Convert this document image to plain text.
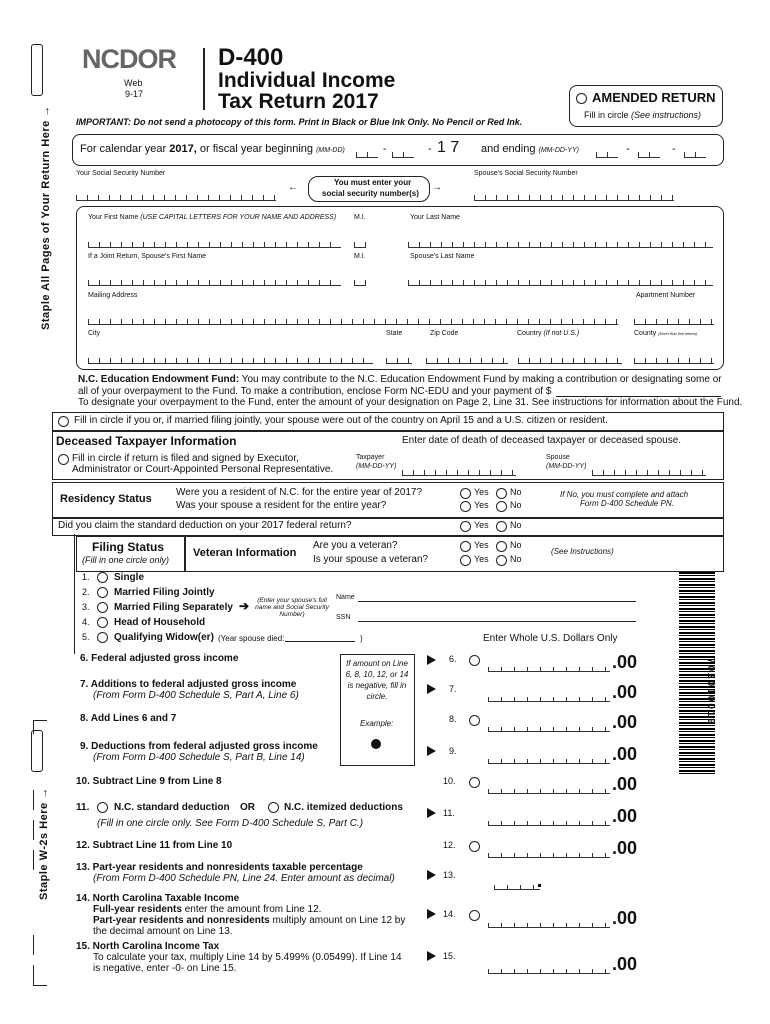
Staple All Pages of Your Return Here →
Staple W-2s Here →
NCDOR
Web
9-17
D-400
Individual Income
Tax Return 2017	AMENDED RETURN
Fill in circle (See instructions)
IMPORTANT: Do not send a photocopy of this form. Print in Black or Blue Ink Only. No Pencil or Red Ink.
For calendar year 2017, or fiscal year beginning (MM-DD)	-	- 1 7 and ending (MM-DD-YY)	-	-
Your Social Security Number	Spouse's Social Security Number
←	You must enter your
social security number(s)
→
Your First Name (USE CAPITAL LETTERS FOR YOUR NAME AND ADDRESS)	M.I.	Your Last Name
If a Joint Return, Spouse's First Name	M.I.	Spouse's Last Name
Mailing Address	Apartment Number
City	State	Zip Code	Country (If not U.S.)	County (Enter first five letters)
N.C. Education Endowment Fund: You may contribute to the N.C. Education Endowment Fund by making a contribution or designating some or
all of your overpayment to the Fund. To make a contribution, enclose Form NC-EDU and your payment of $
To designate your overpayment to the Fund, enter the amount of your designation on Page 2, Line 31. See instructions for information about the Fund.
Fill in circle if you or, if married filing jointly, your spouse were out of the country on April 15 and a U.S. citizen or resident.
Deceased Taxpayer Information	Enter date of death of deceased taxpayer or deceased spouse.
Fill in circle if return is filed and signed by Executor,
Administrator or Court-Appointed Personal Representative.
Taxpayer
(MM-DD-YY)
Spouse
(MM-DD-YY)
Residency Status
Were you a resident of N.C. for the entire year of 2017?
Was your spouse a resident for the entire year?
Yes No
Yes No
If No, you must complete and attach
Form D-400 Schedule PN.
Did you claim the standard deduction on your 2017 federal return?	Yes No
Filing Status
(Fill in one circle only)
Veteran Information
Are you a veteran?
Is your spouse a veteran?
Yes No
Yes No
(See Instructions)
1. Single
2. Married Filing Jointly
3. Married Filing Separately ➔	(Enter your spouse's full name and Social Security Number)
Name
SSN
4. Head of Household
5. Qualifying Widow(er) (Year spouse died:	)	Enter Whole U.S. Dollars Only
702010019
If amount on Line 6, 8, 10, 12, or 14 is negative, fill in circle.
Example:
6. Federal adjusted gross income	6.	.00
7. Additions to federal adjusted gross income
(From Form D-400 Schedule S, Part A, Line 6)
7.	.00
8. Add Lines 6 and 7	8.	.00
9. Deductions from federal adjusted gross income
(From Form D-400 Schedule S, Part B, Line 14)
9.	.00
10. Subtract Line 9 from Line 8	10.	.00
11. N.C. standard deduction OR	N.C. itemized deductions
(Fill in one circle only. See Form D-400 Schedule S, Part C.)
11.	.00
12. Subtract Line 11 from Line 10	12.	.00
13. Part-year residents and nonresidents taxable percentage
(From Form D-400 Schedule PN, Line 24. Enter amount as decimal)	13.
14. North Carolina Taxable Income
Full-year residents enter the amount from Line 12.
Part-year residents and nonresidents multiply amount on Line 12 by
the decimal amount on Line 13.
14.	.00
15. North Carolina Income Tax
To calculate your tax, multiply Line 14 by 5.499% (0.05499). If Line 14
is negative, enter -0- on Line 15.
15.	.00
